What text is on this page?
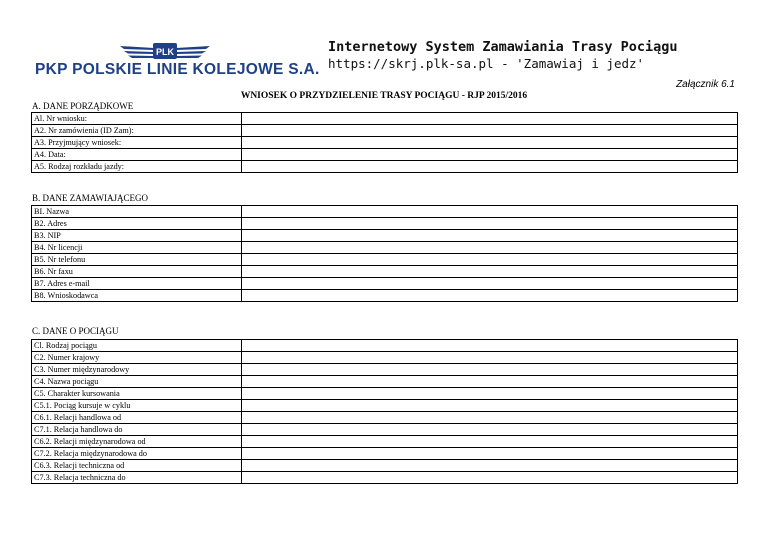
PLK
PKP POLSKIE LINIE KOLEJOWE S.A.
Internetowy System Zamawiania Trasy Pociągu
https://skrj.plk-sa.pl - 'Zamawiaj i jedz'
Załącznik 6.1
WNIOSEK O PRZYDZIELENIE TRASY POCIĄGU - RJP 2015/2016
A. DANE PORZĄDKOWE
Al. Nr wniosku:	
A2. Nr zamówienia (ID Zam):	
A3. Przyjmujący wniosek:	
A4. Data:	
A5. Rodzaj rozkładu jazdy:	
B. DANE ZAMAWIAJĄCEGO
BI. Nazwa	
B2. Adres	
B3. NIP	
B4. Nr licencji	
B5. Nr telefonu	
B6. Nr faxu	
B7. Adres e-mail	
B8. Wnioskodawca	
C. DANE O POCIĄGU
Cl. Rodzaj pociągu	
C2. Numer krajowy	
C3. Numer międzynarodowy	
C4. Nazwa pociągu	
C5. Charakter kursowania	
C5.1. Pociąg kursuje w cyklu	
C6.1. Relacji handlowa od	
C7.1. Relacja handlowa do	
C6.2. Relacji międzynarodowa od	
C7.2. Relacja międzynarodowa do	
C6.3. Relacji techniczna od	
C7.3. Relacja techniczna do	
